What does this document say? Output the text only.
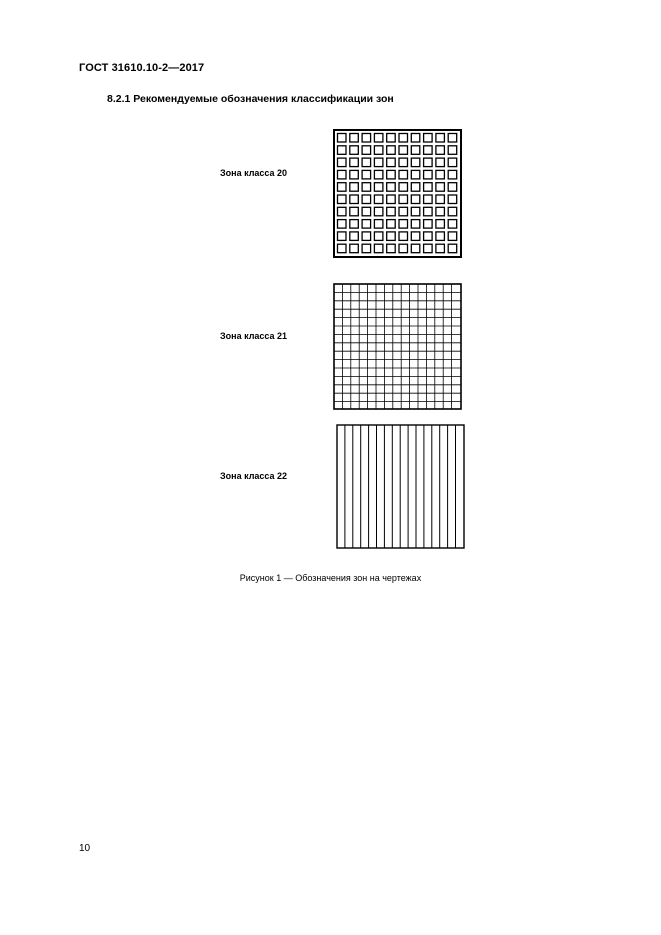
ГОСТ 31610.10-2—2017
8.2.1 Рекомендуемые обозначения классификации зон
Зона класса 20
Зона класса 21
Зона класса 22
Рисунок 1 — Обозначения зон на чертежах
10
